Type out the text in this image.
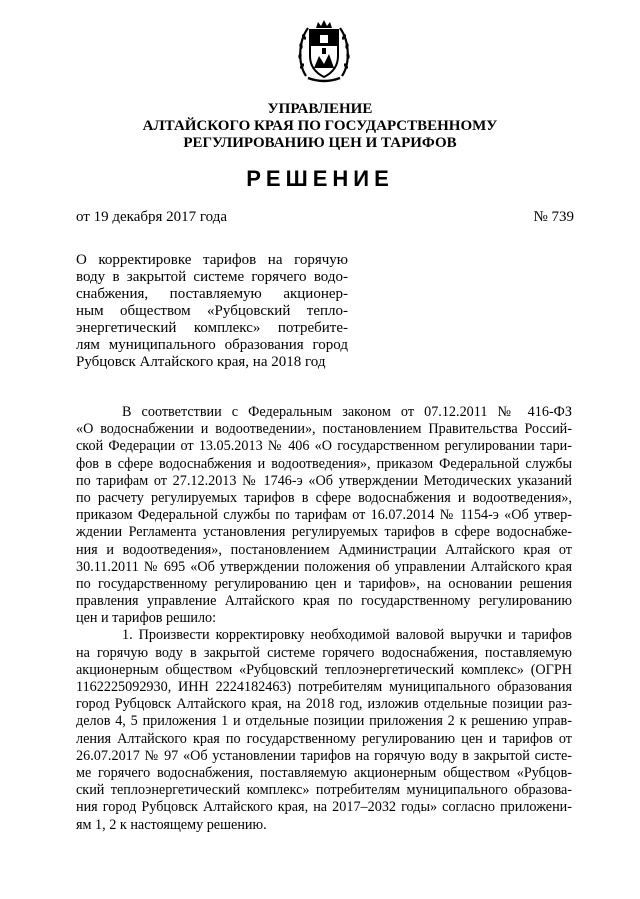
УПРАВЛЕНИЕ
АЛТАЙСКОГО КРАЯ ПО ГОСУДАРСТВЕННОМУ
РЕГУЛИРОВАНИЮ ЦЕН И ТАРИФОВ
РЕШЕНИЕ
от 19 декабря 2017 года	№ 739
О корректировке тарифов на горячую
воду в закрытой системе горячего водо-
снабжения, поставляемую акционер-
ным обществом «Рубцовский тепло-
энергетический комплекс» потребите-
лям муниципального образования город
Рубцовск Алтайского края, на 2018 год
В соответствии с Федеральным законом от 07.12.2011 № 416-ФЗ
«О водоснабжении и водоотведении», постановлением Правительства Россий-
ской Федерации от 13.05.2013 № 406 «О государственном регулировании тари-
фов в сфере водоснабжения и водоотведения», приказом Федеральной службы
по тарифам от 27.12.2013 № 1746-э «Об утверждении Методических указаний
по расчету регулируемых тарифов в сфере водоснабжения и водоотведения»,
приказом Федеральной службы по тарифам от 16.07.2014 № 1154-э «Об утвер-
ждении Регламента установления регулируемых тарифов в сфере водоснабже-
ния и водоотведения», постановлением Администрации Алтайского края от
30.11.2011 № 695 «Об утверждении положения об управлении Алтайского края
по государственному регулированию цен и тарифов», на основании решения
правления управление Алтайского края по государственному регулированию
цен и тарифов решило:
1. Произвести корректировку необходимой валовой выручки и тарифов
на горячую воду в закрытой системе горячего водоснабжения, поставляемую
акционерным обществом «Рубцовский теплоэнергетический комплекс» (ОГРН
1162225092930, ИНН 2224182463) потребителям муниципального образования
город Рубцовск Алтайского края, на 2018 год, изложив отдельные позиции раз-
делов 4, 5 приложения 1 и отдельные позиции приложения 2 к решению управ-
ления Алтайского края по государственному регулированию цен и тарифов от
26.07.2017 № 97 «Об установлении тарифов на горячую воду в закрытой систе-
ме горячего водоснабжения, поставляемую акционерным обществом «Рубцов-
ский теплоэнергетический комплекс» потребителям муниципального образова-
ния город Рубцовск Алтайского края, на 2017–2032 годы» согласно приложени-
ям 1, 2 к настоящему решению.
